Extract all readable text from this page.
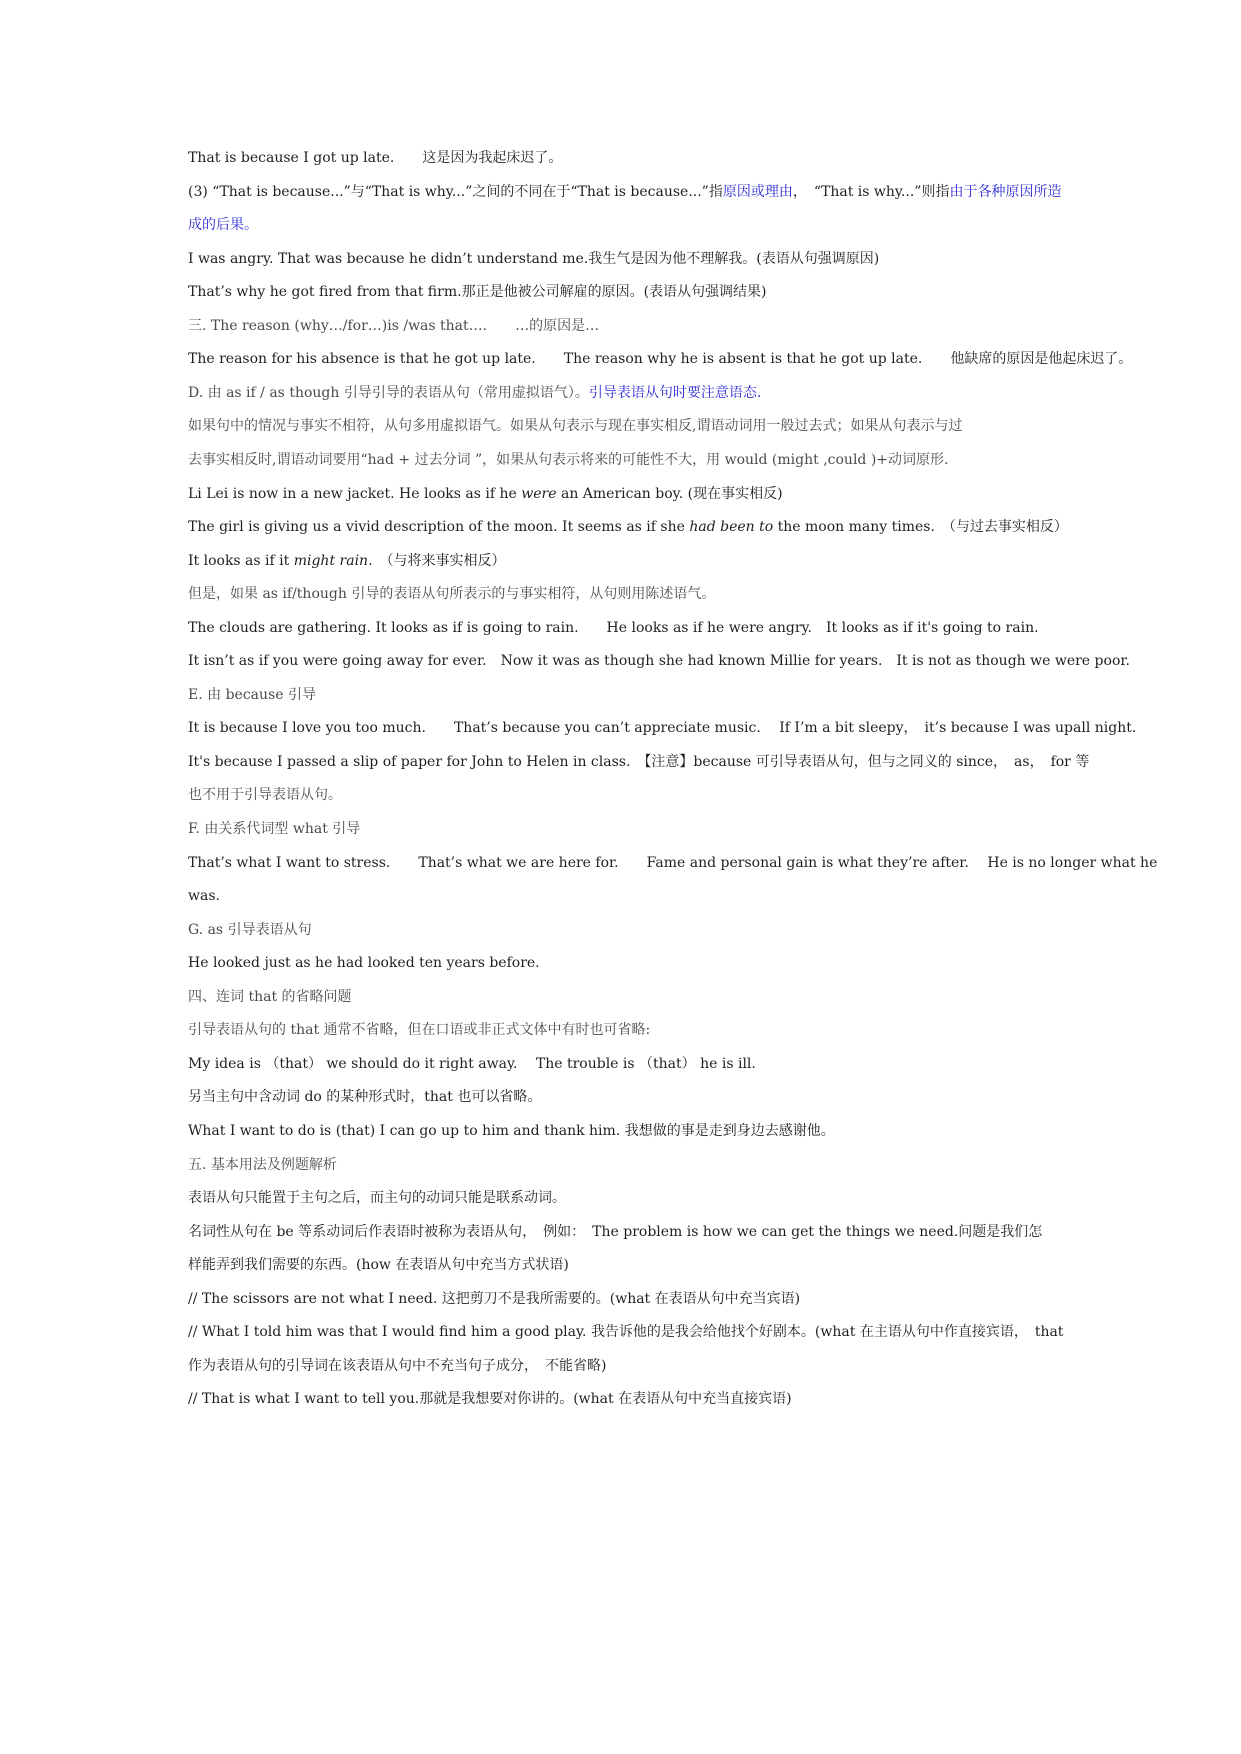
That is because I got up late.　　这是因为我起床迟了。
(3) “That is because...”与“That is why...”之间的不同在于“That is because...”指原因或理由，　“That is why...”则指由于各种原因所造
成的后果。
I was angry. That was because he didn’t understand me.我生气是因为他不理解我。(表语从句强调原因)
That’s why he got fired from that firm.那正是他被公司解雇的原因。(表语从句强调结果)
三. The reason (why…/for…)is /was that….　　…的原因是…
The reason for his absence is that he got up late.　　The reason why he is absent is that he got up late.　　他缺席的原因是他起床迟了。
D. 由 as if / as though 引导引导的表语从句（常用虚拟语气）。引导表语从句时要注意语态.
如果句中的情况与事实不相符，从句多用虚拟语气。如果从句表示与现在事实相反,谓语动词用一般过去式；如果从句表示与过
去事实相反时,谓语动词要用“had + 过去分词 ”，如果从句表示将来的可能性不大，用 would (might ,could )+动词原形.
Li Lei is now in a new jacket. He looks as if he were an American boy. (现在事实相反)
The girl is giving us a vivid description of the moon. It seems as if she had been to the moon many times.　（与过去事实相反）
It looks as if it might rain.　（与将来事实相反）
但是，如果 as if/though 引导的表语从句所表示的与事实相符，从句则用陈述语气。
The clouds are gathering. It looks as if is going to rain.　　He looks as if he were angry.　It looks as if it's going to rain.
It isn’t as if you were going away for ever.　Now it was as though she had known Millie for years.　It is not as though we were poor.
E. 由 because 引导
It is because I love you too much.　　That’s because you can’t appreciate music.　 If I’m a bit sleepy，　it’s because I was upall night.
It's because I passed a slip of paper for John to Helen in class.　【注意】because 可引导表语从句，但与之同义的 since，　as，　for 等
也不用于引导表语从句。
F. 由关系代词型 what 引导
That’s what I want to stress.　　That’s what we are here for.　　Fame and personal gain is what they’re after.　 He is no longer what he
was.
G. as 引导表语从句
He looked just as he had looked ten years before.
四、连词 that 的省略问题
引导表语从句的 that 通常不省略，但在口语或非正式文体中有时也可省略:
My idea is （that） we should do it right away.　 The trouble is （that） he is ill.
另当主句中含动词 do 的某种形式时，that 也可以省略。
What I want to do is (that) I can go up to him and thank him. 我想做的事是走到身边去感谢他。
五. 基本用法及例题解析
表语从句只能置于主句之后，而主句的动词只能是联系动词。
名词性从句在 be 等系动词后作表语时被称为表语从句，　例如：　The problem is how we can get the things we need.问题是我们怎
样能弄到我们需要的东西。(how 在表语从句中充当方式状语)
// The scissors are not what I need. 这把剪刀不是我所需要的。(what 在表语从句中充当宾语)
// What I told him was that I would find him a good play. 我告诉他的是我会给他找个好剧本。(what 在主语从句中作直接宾语，　that
作为表语从句的引导词在该表语从句中不充当句子成分，　不能省略)
// That is what I want to tell you.那就是我想要对你讲的。(what 在表语从句中充当直接宾语)
